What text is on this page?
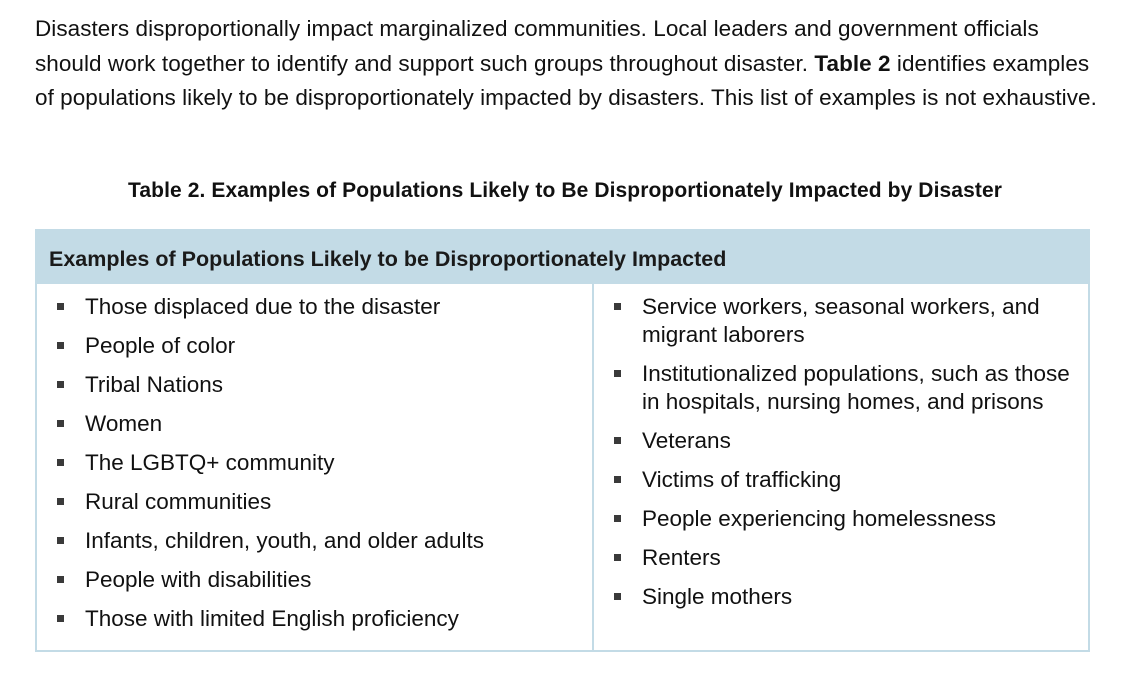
Disasters disproportionally impact marginalized communities. Local leaders and government officials should work together to identify and support such groups throughout disaster. Table 2 identifies examples of populations likely to be disproportionately impacted by disasters. This list of examples is not exhaustive.

Table 2. Examples of Populations Likely to Be Disproportionately Impacted by Disaster

Examples of Populations Likely to be Disproportionately Impacted
Those displaced due to the disaster
People of color
Tribal Nations
Women
The LGBTQ+ community
Rural communities
Infants, children, youth, and older adults
People with disabilities
Those with limited English proficiency
Service workers, seasonal workers, and migrant laborers
Institutionalized populations, such as those in hospitals, nursing homes, and prisons
Veterans
Victims of trafficking
People experiencing homelessness
Renters
Single mothers
